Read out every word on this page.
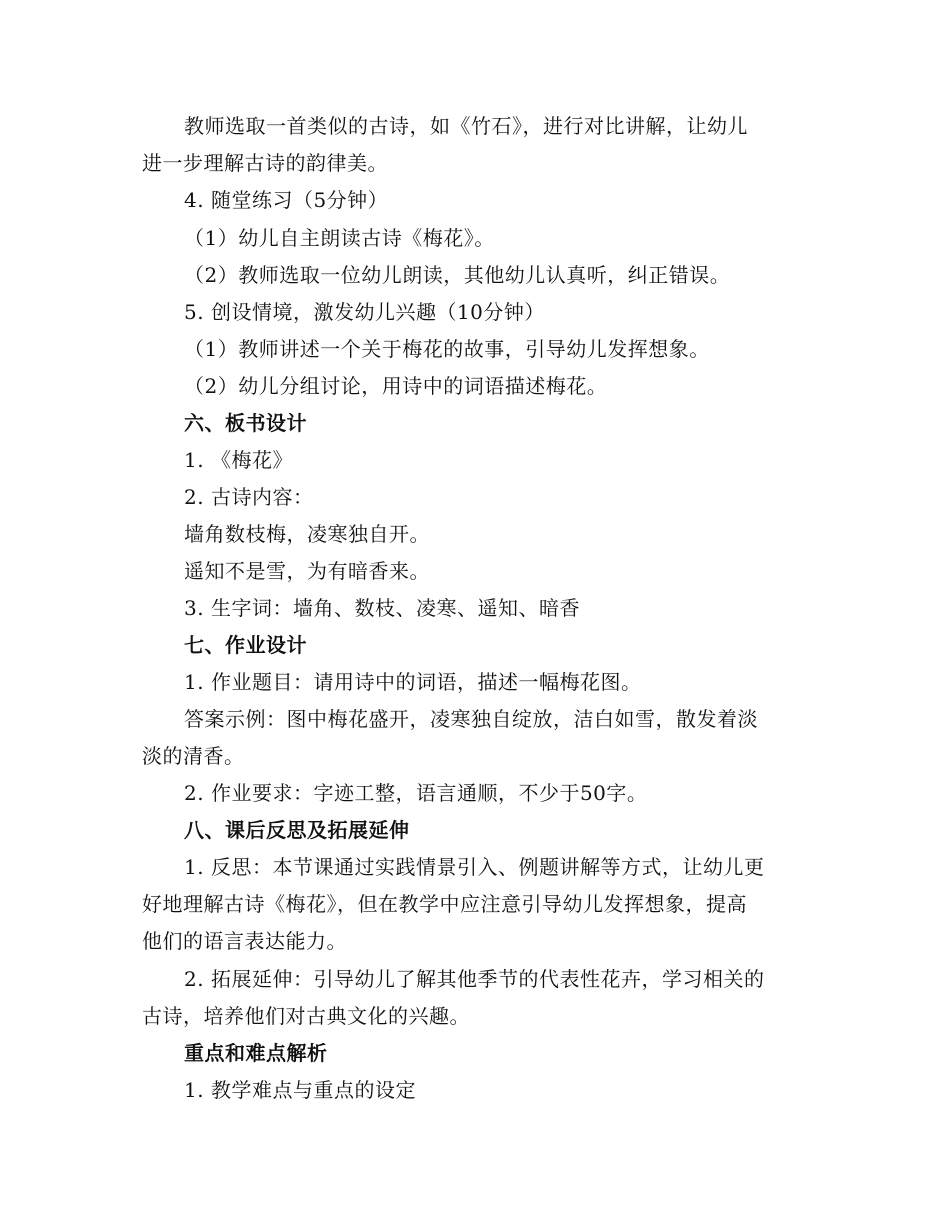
教师选取一首类似的古诗，如《竹石》，进行对比讲解，让幼儿
进一步理解古诗的韵律美。
4. 随堂练习（5分钟）
（1）幼儿自主朗读古诗《梅花》。
（2）教师选取一位幼儿朗读，其他幼儿认真听，纠正错误。
5. 创设情境，激发幼儿兴趣（10分钟）
（1）教师讲述一个关于梅花的故事，引导幼儿发挥想象。
（2）幼儿分组讨论，用诗中的词语描述梅花。
六、板书设计
1. 《梅花》
2. 古诗内容：
墙角数枝梅，凌寒独自开。
遥知不是雪，为有暗香来。
3. 生字词：墙角、数枝、凌寒、遥知、暗香
七、作业设计
1. 作业题目：请用诗中的词语，描述一幅梅花图。
答案示例：图中梅花盛开，凌寒独自绽放，洁白如雪，散发着淡
淡的清香。
2. 作业要求：字迹工整，语言通顺，不少于50字。
八、课后反思及拓展延伸
1. 反思：本节课通过实践情景引入、例题讲解等方式，让幼儿更
好地理解古诗《梅花》，但在教学中应注意引导幼儿发挥想象，提高
他们的语言表达能力。
2. 拓展延伸：引导幼儿了解其他季节的代表性花卉，学习相关的
古诗，培养他们对古典文化的兴趣。
重点和难点解析
1. 教学难点与重点的设定
